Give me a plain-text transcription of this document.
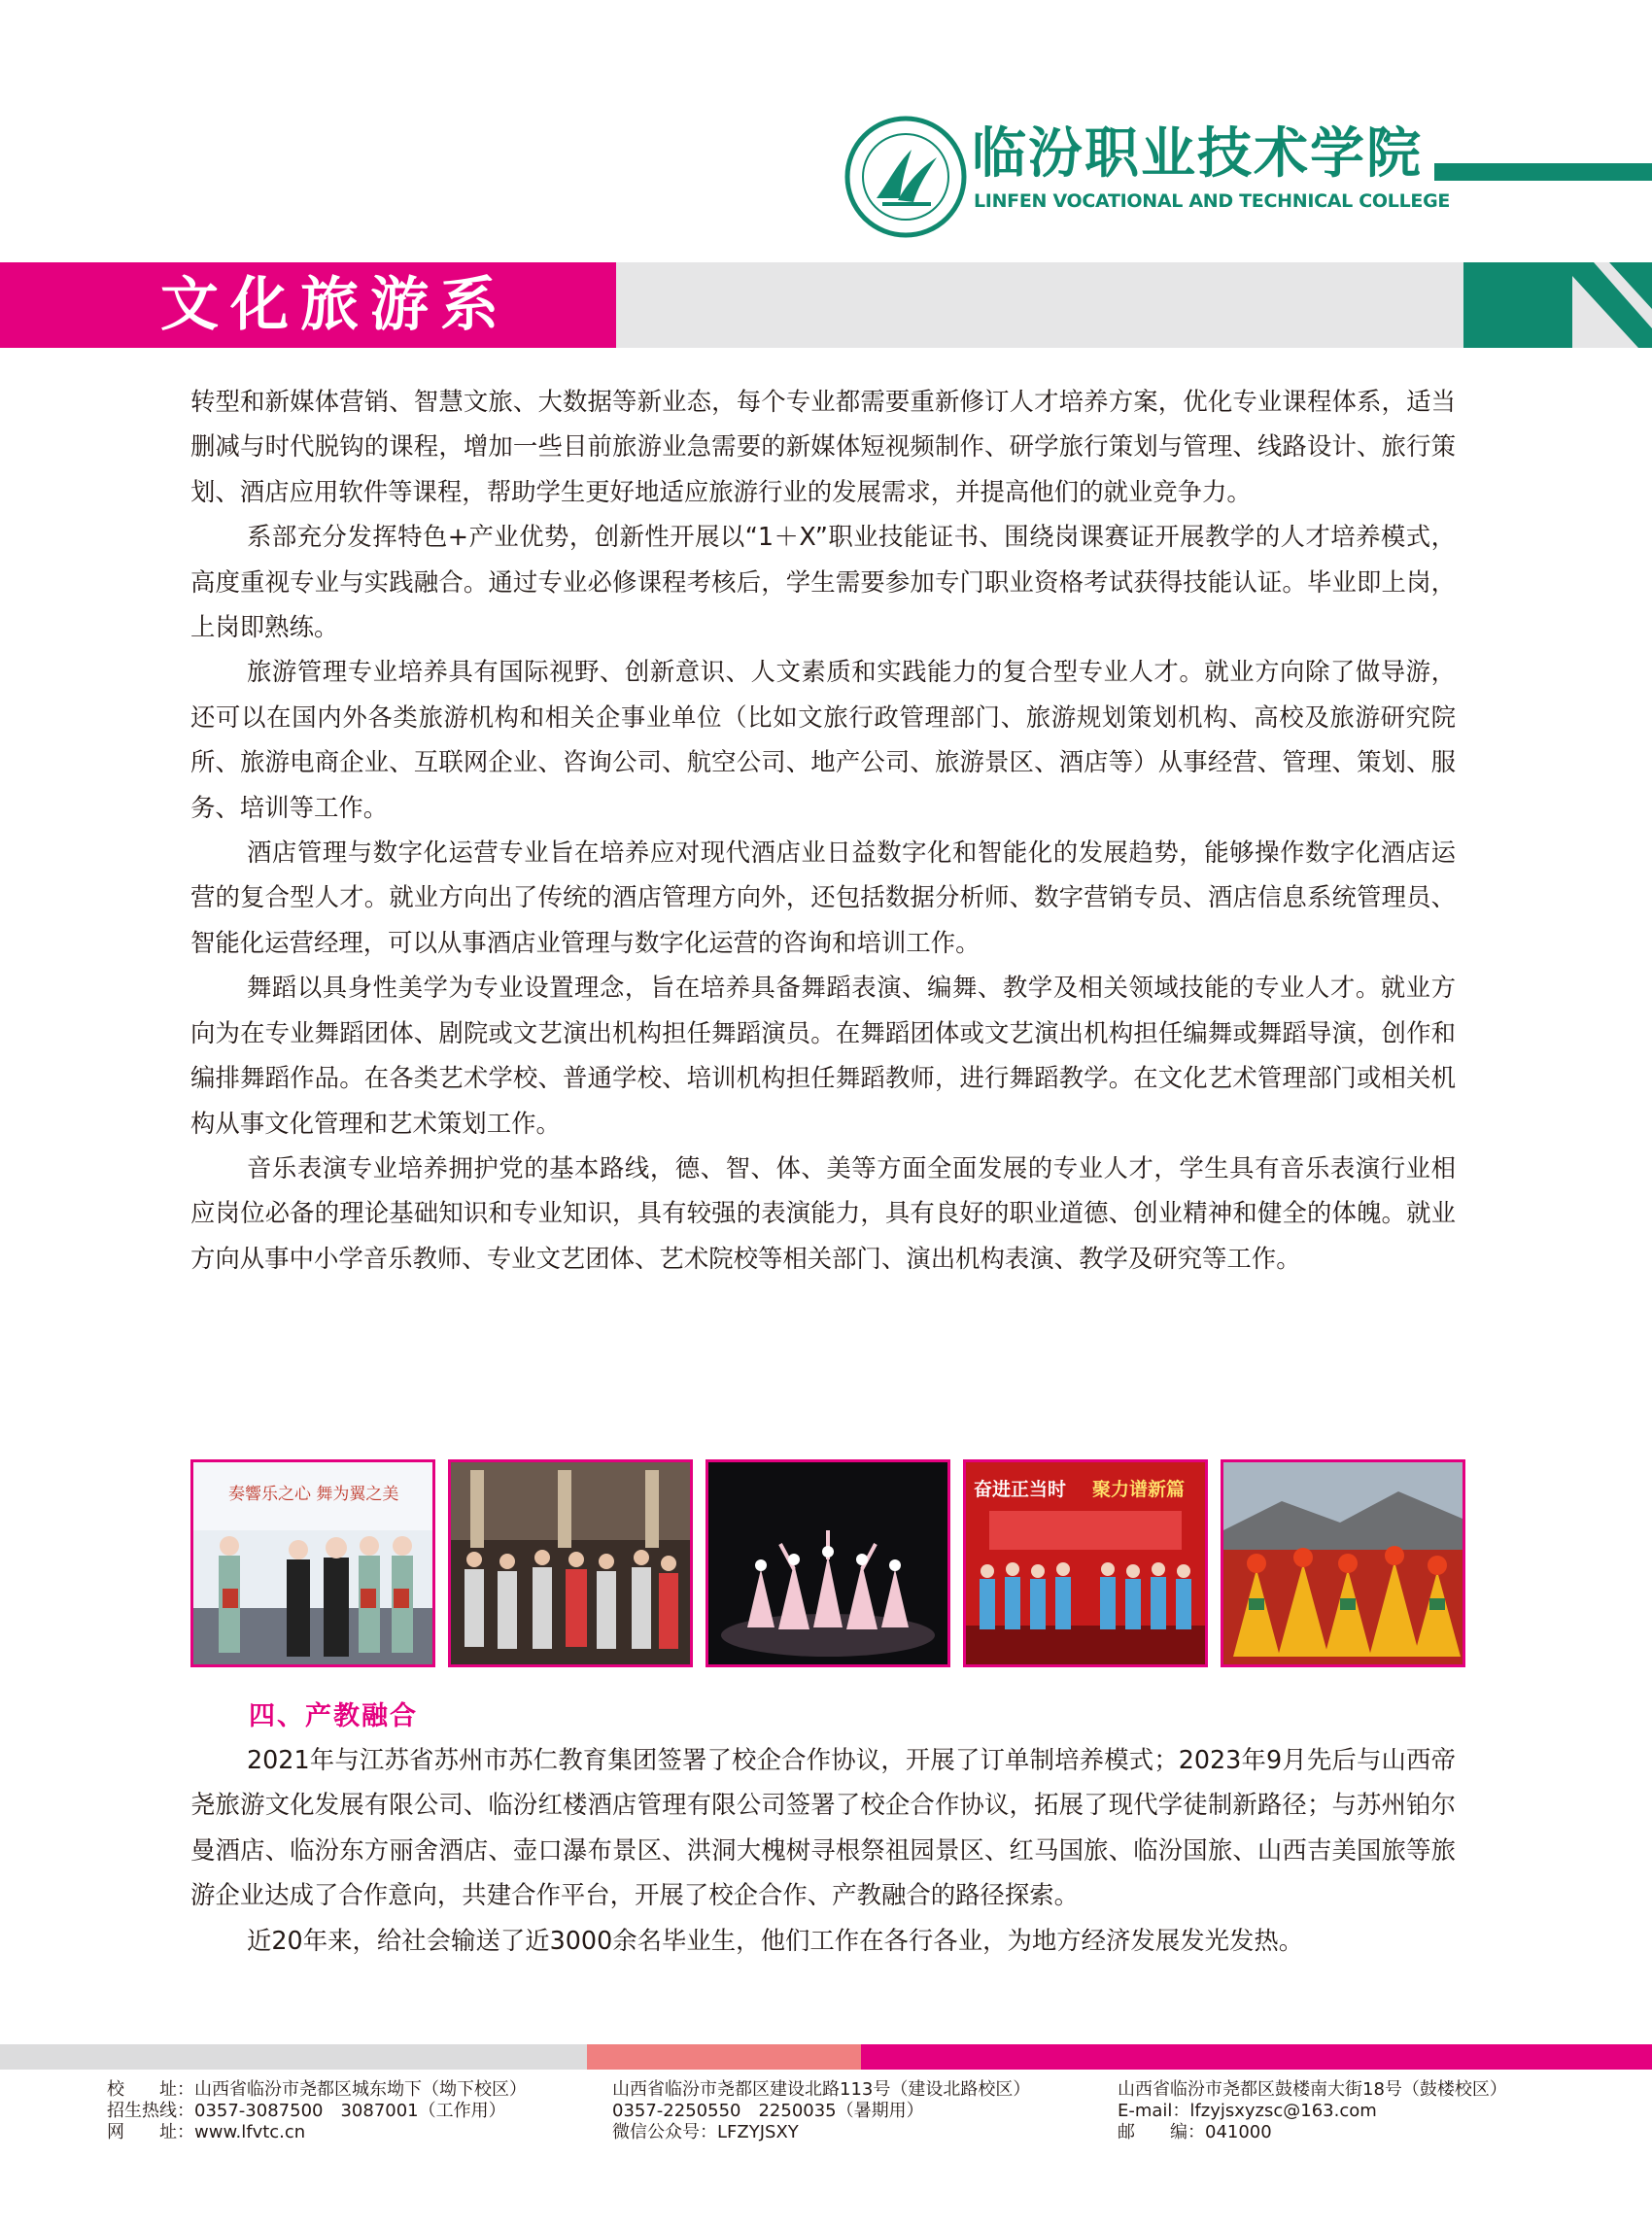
临汾职业技术学院
LINFEN VOCATIONAL AND TECHNICAL COLLEGE
文化旅游系

转型和新媒体营销、智慧文旅、大数据等新业态，每个专业都需要重新修订人才培养方案，优化专业课程体系，适当删减与时代脱钩的课程，增加一些目前旅游业急需要的新媒体短视频制作、研学旅行策划与管理、线路设计、旅行策划、酒店应用软件等课程，帮助学生更好地适应旅游行业的发展需求，并提高他们的就业竞争力。

系部充分发挥特色+产业优势，创新性开展以“1＋X”职业技能证书、围绕岗课赛证开展教学的人才培养模式，高度重视专业与实践融合。通过专业必修课程考核后，学生需要参加专门职业资格考试获得技能认证。毕业即上岗，上岗即熟练。

旅游管理专业培养具有国际视野、创新意识、人文素质和实践能力的复合型专业人才。就业方向除了做导游，还可以在国内外各类旅游机构和相关企事业单位（比如文旅行政管理部门、旅游规划策划机构、高校及旅游研究院所、旅游电商企业、互联网企业、咨询公司、航空公司、地产公司、旅游景区、酒店等）从事经营、管理、策划、服务、培训等工作。

酒店管理与数字化运营专业旨在培养应对现代酒店业日益数字化和智能化的发展趋势，能够操作数字化酒店运营的复合型人才。就业方向出了传统的酒店管理方向外，还包括数据分析师、数字营销专员、酒店信息系统管理员、智能化运营经理，可以从事酒店业管理与数字化运营的咨询和培训工作。

舞蹈以具身性美学为专业设置理念，旨在培养具备舞蹈表演、编舞、教学及相关领域技能的专业人才。就业方向为在专业舞蹈团体、剧院或文艺演出机构担任舞蹈演员。在舞蹈团体或文艺演出机构担任编舞或舞蹈导演，创作和编排舞蹈作品。在各类艺术学校、普通学校、培训机构担任舞蹈教师，进行舞蹈教学。在文化艺术管理部门或相关机构从事文化管理和艺术策划工作。

音乐表演专业培养拥护党的基本路线，德、智、体、美等方面全面发展的专业人才，学生具有音乐表演行业相应岗位必备的理论基础知识和专业知识，具有较强的表演能力，具有良好的职业道德、创业精神和健全的体魄。就业方向从事中小学音乐教师、专业文艺团体、艺术院校等相关部门、演出机构表演、教学及研究等工作。

奏響乐之心 舞为翼之美	奋进正当时 聚力谱新篇
四、产教融合

2021年与江苏省苏州市苏仁教育集团签署了校企合作协议，开展了订单制培养模式；2023年9月先后与山西帝尧旅游文化发展有限公司、临汾红楼酒店管理有限公司签署了校企合作协议，拓展了现代学徒制新路径；与苏州铂尔曼酒店、临汾东方丽舍酒店、壶口瀑布景区、洪洞大槐树寻根祭祖园景区、红马国旅、临汾国旅、山西吉美国旅等旅游企业达成了合作意向，共建合作平台，开展了校企合作、产教融合的路径探索。

近20年来，给社会输送了近3000余名毕业生，他们工作在各行各业，为地方经济发展发光发热。

校　　址：山西省临汾市尧都区城东坳下（坳下校区）
招生热线：0357-3087500　3087001（工作用）
网　　址：www.lfvtc.cn
山西省临汾市尧都区建设北路113号（建设北路校区）
0357-2250550　2250035（暑期用）
微信公众号：LFZYJSXY
山西省临汾市尧都区鼓楼南大街18号（鼓楼校区）
E-mail：lfzyjsxyzsc@163.com
邮　　编：041000
